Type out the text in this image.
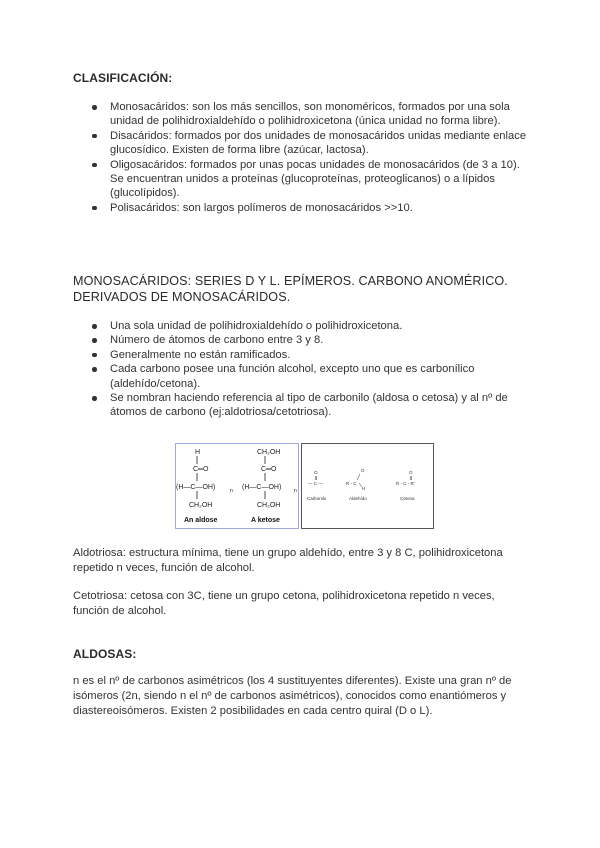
CLASIFICACIÓN:
Monosacáridos: son los más sencillos, son monoméricos, formados por una sola unidad de polihidroxialdehído o polihidroxicetona (única unidad no forma libre).
Disacáridos: formados por dos unidades de monosacáridos unidas mediante enlace glucosídico. Existen de forma libre (azúcar, lactosa).
Oligosacáridos: formados por unas pocas unidades de monosacáridos (de 3 a 10). Se encuentran unidos a proteínas (glucoproteínas, proteoglicanos) o a lípidos (glucolípidos).
Polisacáridos: son largos polímeros de monosacáridos >>10.
MONOSACÁRIDOS: SERIES D Y L. EPÍMEROS. CARBONO ANOMÉRICO. DERIVADOS DE MONOSACÁRIDOS.
Una sola unidad de polihidroxialdehído o polihidroxicetona.
Número de átomos de carbono entre 3 y 8.
Generalmente no están ramificados.
Cada carbono posee una función alcohol, excepto uno que es carbonílico (aldehído/cetona).
Se nombran haciendo referencia al tipo de carbonilo (aldosa o cetosa) y al nº de átomos de carbono (ej:aldotriosa/cetotriosa).
H
C═O
(H—C—OH)	n
CH₂OH
An aldose
CH₂OH
C═O
(H—C—OH)	n
CH₂OH
A ketose
O
— C —
O
R - C
H
O
R - C - R'
Carbonilo	Aldehído	Cetona

Aldotriosa: estructura mínima, tiene un grupo aldehído, entre 3 y 8 C, polihidroxicetona repetido n veces, función de alcohol.

Cetotriosa: cetosa con 3C, tiene un grupo cetona, polihidroxicetona repetido n veces, función de alcohol.

ALDOSAS:

n es el nº de carbonos asimétricos (los 4 sustituyentes diferentes). Existe una gran nº de isómeros (2n, siendo n el nº de carbonos asimétricos), conocidos como enantiómeros y diastereoisómeros. Existen 2 posibilidades en cada centro quiral (D o L).
